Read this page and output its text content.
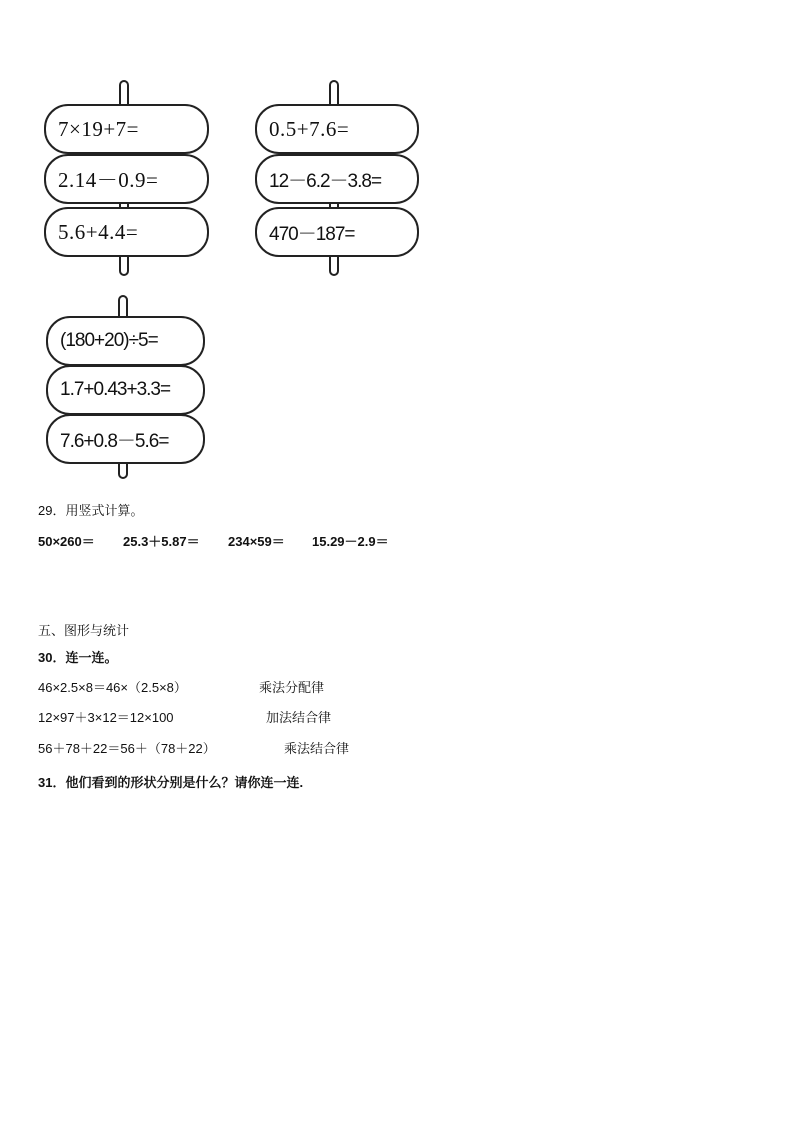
7×19+7=
2.14－0.9=
5.6+4.4=
0.5+7.6=
12－6.2－3.8=
470－187=
(180+20)÷5=
1.7+0.43+3.3=
7.6+0.8－5.6=
29．用竖式计算。
50×260＝ 25.3＋5.87＝ 234×59＝ 15.29－2.9＝
五、图形与统计
30．连一连。
46×2.5×8＝46×（2.5×8）
12×97＋3×12＝12×100
56＋78＋22＝56＋（78＋22）
乘法分配律
加法结合律
乘法结合律
31．他们看到的形状分别是什么？请你连一连.
